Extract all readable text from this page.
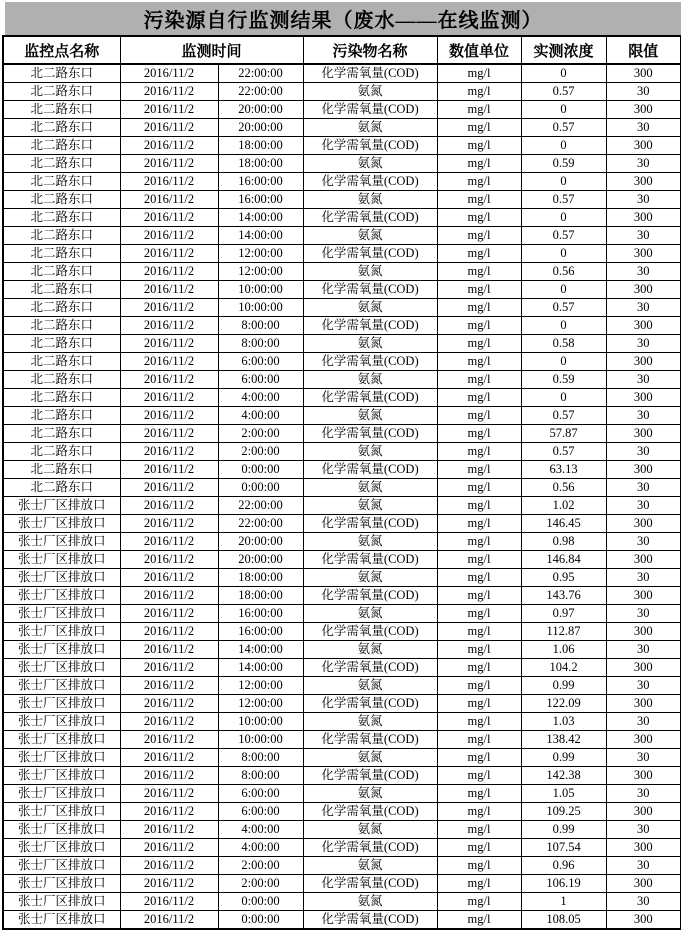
污染源自行监测结果（废水——在线监测）
监控点名称	监测时间		污染物名称	数值单位	实测浓度	限值
北二路东口	2016/11/2	22:00:00	化学需氧量(COD)	mg/l	0	300
北二路东口	2016/11/2	22:00:00	氨氮	mg/l	0.57	30
北二路东口	2016/11/2	20:00:00	化学需氧量(COD)	mg/l	0	300
北二路东口	2016/11/2	20:00:00	氨氮	mg/l	0.57	30
北二路东口	2016/11/2	18:00:00	化学需氧量(COD)	mg/l	0	300
北二路东口	2016/11/2	18:00:00	氨氮	mg/l	0.59	30
北二路东口	2016/11/2	16:00:00	化学需氧量(COD)	mg/l	0	300
北二路东口	2016/11/2	16:00:00	氨氮	mg/l	0.57	30
北二路东口	2016/11/2	14:00:00	化学需氧量(COD)	mg/l	0	300
北二路东口	2016/11/2	14:00:00	氨氮	mg/l	0.57	30
北二路东口	2016/11/2	12:00:00	化学需氧量(COD)	mg/l	0	300
北二路东口	2016/11/2	12:00:00	氨氮	mg/l	0.56	30
北二路东口	2016/11/2	10:00:00	化学需氧量(COD)	mg/l	0	300
北二路东口	2016/11/2	10:00:00	氨氮	mg/l	0.57	30
北二路东口	2016/11/2	8:00:00	化学需氧量(COD)	mg/l	0	300
北二路东口	2016/11/2	8:00:00	氨氮	mg/l	0.58	30
北二路东口	2016/11/2	6:00:00	化学需氧量(COD)	mg/l	0	300
北二路东口	2016/11/2	6:00:00	氨氮	mg/l	0.59	30
北二路东口	2016/11/2	4:00:00	化学需氧量(COD)	mg/l	0	300
北二路东口	2016/11/2	4:00:00	氨氮	mg/l	0.57	30
北二路东口	2016/11/2	2:00:00	化学需氧量(COD)	mg/l	57.87	300
北二路东口	2016/11/2	2:00:00	氨氮	mg/l	0.57	30
北二路东口	2016/11/2	0:00:00	化学需氧量(COD)	mg/l	63.13	300
北二路东口	2016/11/2	0:00:00	氨氮	mg/l	0.56	30
张士厂区排放口	2016/11/2	22:00:00	氨氮	mg/l	1.02	30
张士厂区排放口	2016/11/2	22:00:00	化学需氧量(COD)	mg/l	146.45	300
张士厂区排放口	2016/11/2	20:00:00	氨氮	mg/l	0.98	30
张士厂区排放口	2016/11/2	20:00:00	化学需氧量(COD)	mg/l	146.84	300
张士厂区排放口	2016/11/2	18:00:00	氨氮	mg/l	0.95	30
张士厂区排放口	2016/11/2	18:00:00	化学需氧量(COD)	mg/l	143.76	300
张士厂区排放口	2016/11/2	16:00:00	氨氮	mg/l	0.97	30
张士厂区排放口	2016/11/2	16:00:00	化学需氧量(COD)	mg/l	112.87	300
张士厂区排放口	2016/11/2	14:00:00	氨氮	mg/l	1.06	30
张士厂区排放口	2016/11/2	14:00:00	化学需氧量(COD)	mg/l	104.2	300
张士厂区排放口	2016/11/2	12:00:00	氨氮	mg/l	0.99	30
张士厂区排放口	2016/11/2	12:00:00	化学需氧量(COD)	mg/l	122.09	300
张士厂区排放口	2016/11/2	10:00:00	氨氮	mg/l	1.03	30
张士厂区排放口	2016/11/2	10:00:00	化学需氧量(COD)	mg/l	138.42	300
张士厂区排放口	2016/11/2	8:00:00	氨氮	mg/l	0.99	30
张士厂区排放口	2016/11/2	8:00:00	化学需氧量(COD)	mg/l	142.38	300
张士厂区排放口	2016/11/2	6:00:00	氨氮	mg/l	1.05	30
张士厂区排放口	2016/11/2	6:00:00	化学需氧量(COD)	mg/l	109.25	300
张士厂区排放口	2016/11/2	4:00:00	氨氮	mg/l	0.99	30
张士厂区排放口	2016/11/2	4:00:00	化学需氧量(COD)	mg/l	107.54	300
张士厂区排放口	2016/11/2	2:00:00	氨氮	mg/l	0.96	30
张士厂区排放口	2016/11/2	2:00:00	化学需氧量(COD)	mg/l	106.19	300
张士厂区排放口	2016/11/2	0:00:00	氨氮	mg/l	1	30
张士厂区排放口	2016/11/2	0:00:00	化学需氧量(COD)	mg/l	108.05	300
